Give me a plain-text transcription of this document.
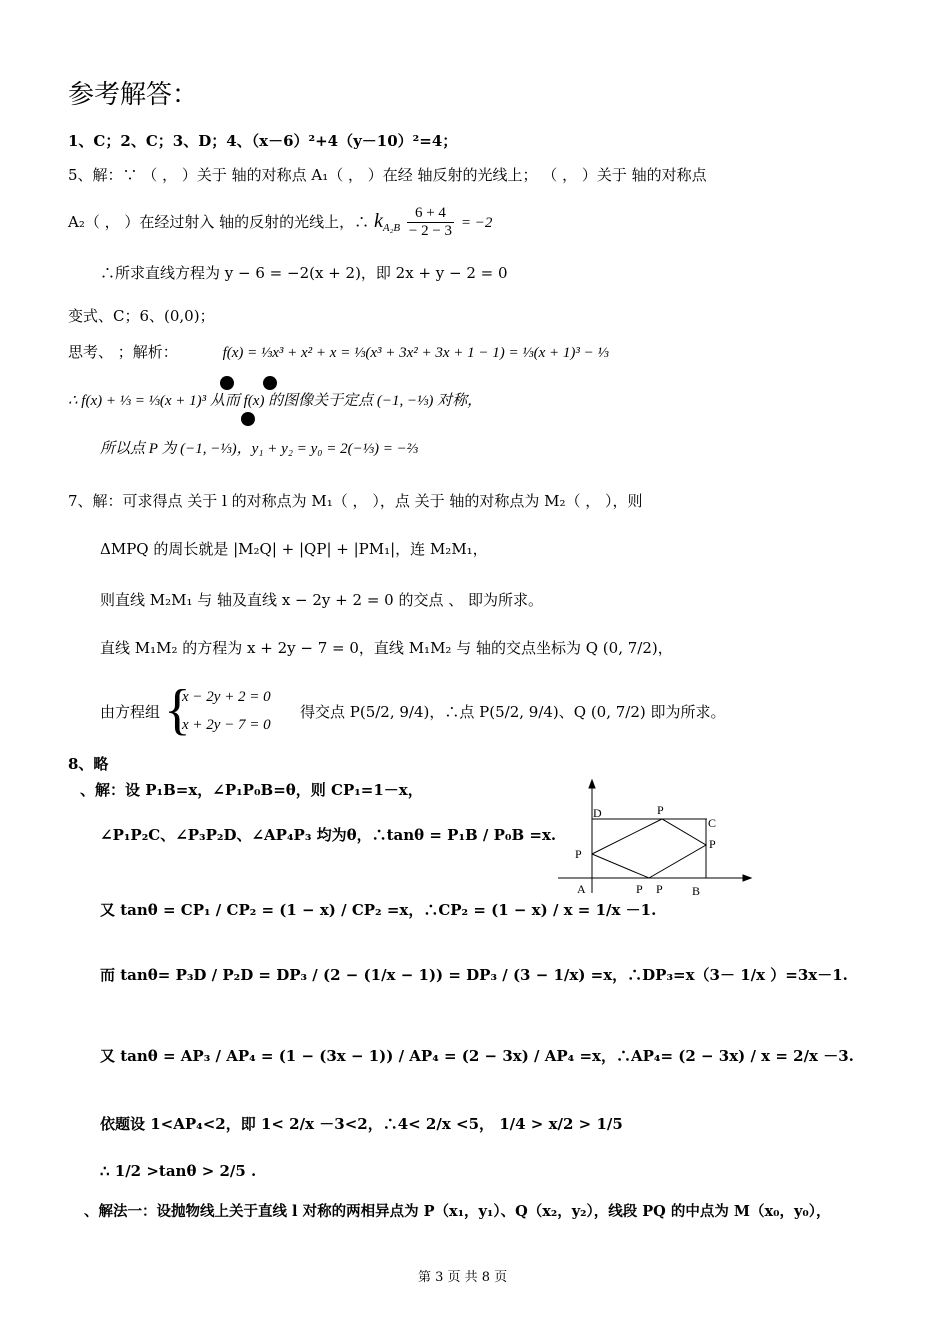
参考解答：
1、C；2、C；3、D；4、（x－6）²+4（y－10）²=4；
5、解：∵ （ ， ）关于 轴的对称点 A₁（ ， ）在经 轴反射的光线上； （ ， ）关于 轴的对称点
A₂（ ， ）在经过射入 轴的反射的光线上，∴ $k_{A_2B} \frac{6 + 4}{- 2 - 3} = -2$
∴所求直线方程为 y − 6 = −2(x + 2)，即 2x + y − 2 = 0
变式、C；6、(0,0)；
思考、 ；解析：	f(x) = ⅓x³ + x² + x = ⅓(x³ + 3x² + 3x + 1 − 1) = ⅓(x + 1)³ − ⅓
∴ f(x) + ⅓ = ⅓(x + 1)³ 从而 f(x) 的图像关于定点 (−1, −⅓) 对称，
所以点 P 为 (−1, −⅓)，y₁ + y₂ = y₀ = 2(−⅓) = −⅔
7、解：可求得点 关于 l 的对称点为 M₁（ ， ），点 关于 轴的对称点为 M₂（ ， ），则
ΔMPQ 的周长就是 |M₂Q| + |QP| + |PM₁|，连 M₂M₁，
则直线 M₂M₁ 与 轴及直线 x − 2y + 2 = 0 的交点 、 即为所求。
直线 M₁M₂ 的方程为 x + 2y − 7 = 0，直线 M₁M₂ 与 轴的交点坐标为 Q (0, 7/2)，
由方程组 {
x − 2y + 2 = 0
x + 2y − 7 = 0
得交点 P(5/2, 9/4)，∴点 P(5/2, 9/4)、Q (0, 7/2) 即为所求。
8、略
、解：设 P₁B=x，∠P₁P₀B=θ，则 CP₁=1－x，
∠P₁P₂C、∠P₃P₂D、∠AP₄P₃ 均为θ，∴tanθ = P₁B / P₀B =x.
又 tanθ = CP₁ / CP₂ = (1 − x) / CP₂ =x，∴CP₂ = (1 − x) / x = 1/x －1.
而 tanθ= P₃D / P₂D = DP₃ / (2 − (1/x − 1)) = DP₃ / (3 − 1/x) =x，∴DP₃=x（3－ 1/x ）=3x－1.
又 tanθ = AP₃ / AP₄ = (1 − (3x − 1)) / AP₄ = (2 − 3x) / AP₄ =x，∴AP₄= (2 − 3x) / x = 2/x －3.
依题设 1<AP₄<2，即 1< 2/x －3<2，∴4< 2/x <5， 1/4 > x/2 > 1/5
∴ 1/2 >tanθ > 2/5 .
、解法一：设抛物线上关于直线 l 对称的两相异点为 P（x₁，y₁）、Q（x₂，y₂），线段 PQ 的中点为 M（x₀，y₀），
D	P
C
P
P
A	P P B
第 3 页 共 8 页
